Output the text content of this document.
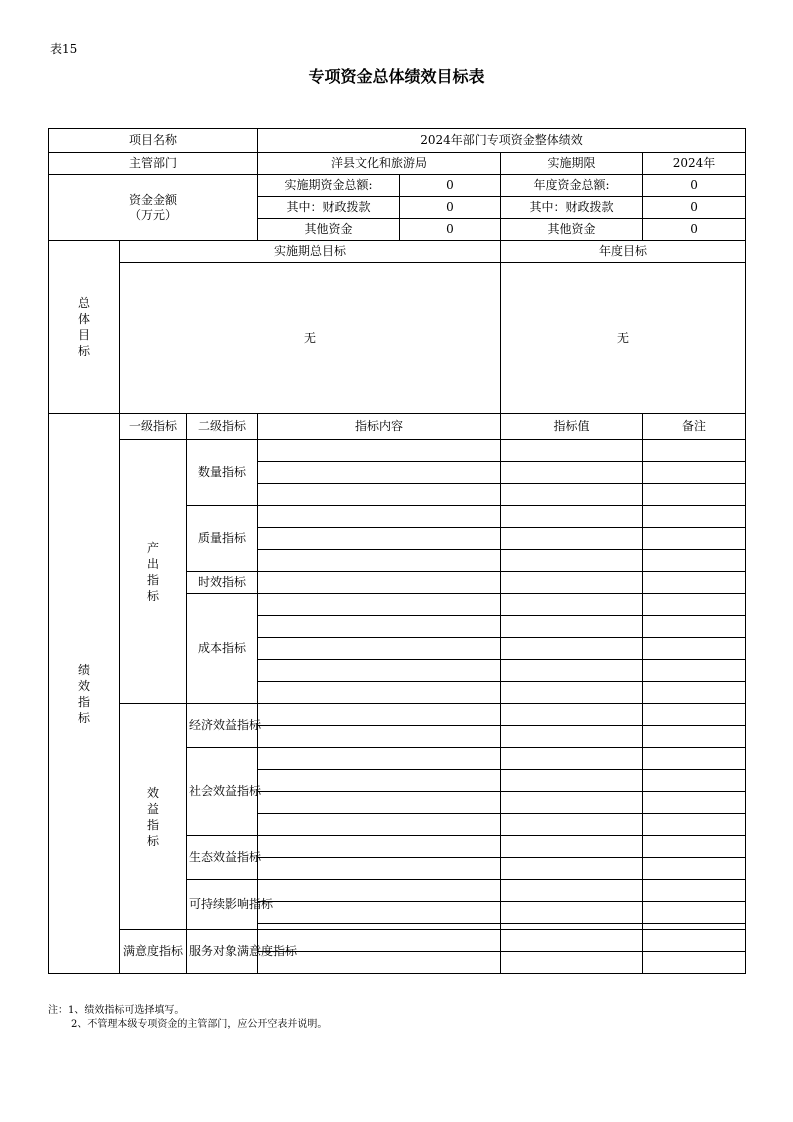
表15
专项资金总体绩效目标表
项目名称			2024年部门专项资金整体绩效			
主管部门			洋县文化和旅游局		实施期限	2024年

资金金额
（万元）			实施期资金总额:	0	年度资金总额:	0
			其中：财政拨款	0	其中：财政拨款	0
			其他资金	0	其他资金	0
总体目标	实施期总目标				年度目标	
	无				无	
绩效指标	一级指标	二级指标	指标内容		指标值	备注
	产出指标	数量指标				

		质量指标				

		时效指标				
		成本指标				

	效益指标	经济效益指标				

		社会效益指标				

		生态效益指标				

		可持续影响指标				

	满意度指标	服务对象满意度指标				

注：1、绩效指标可选择填写。
2、不管理本级专项资金的主管部门，应公开空表并说明。
